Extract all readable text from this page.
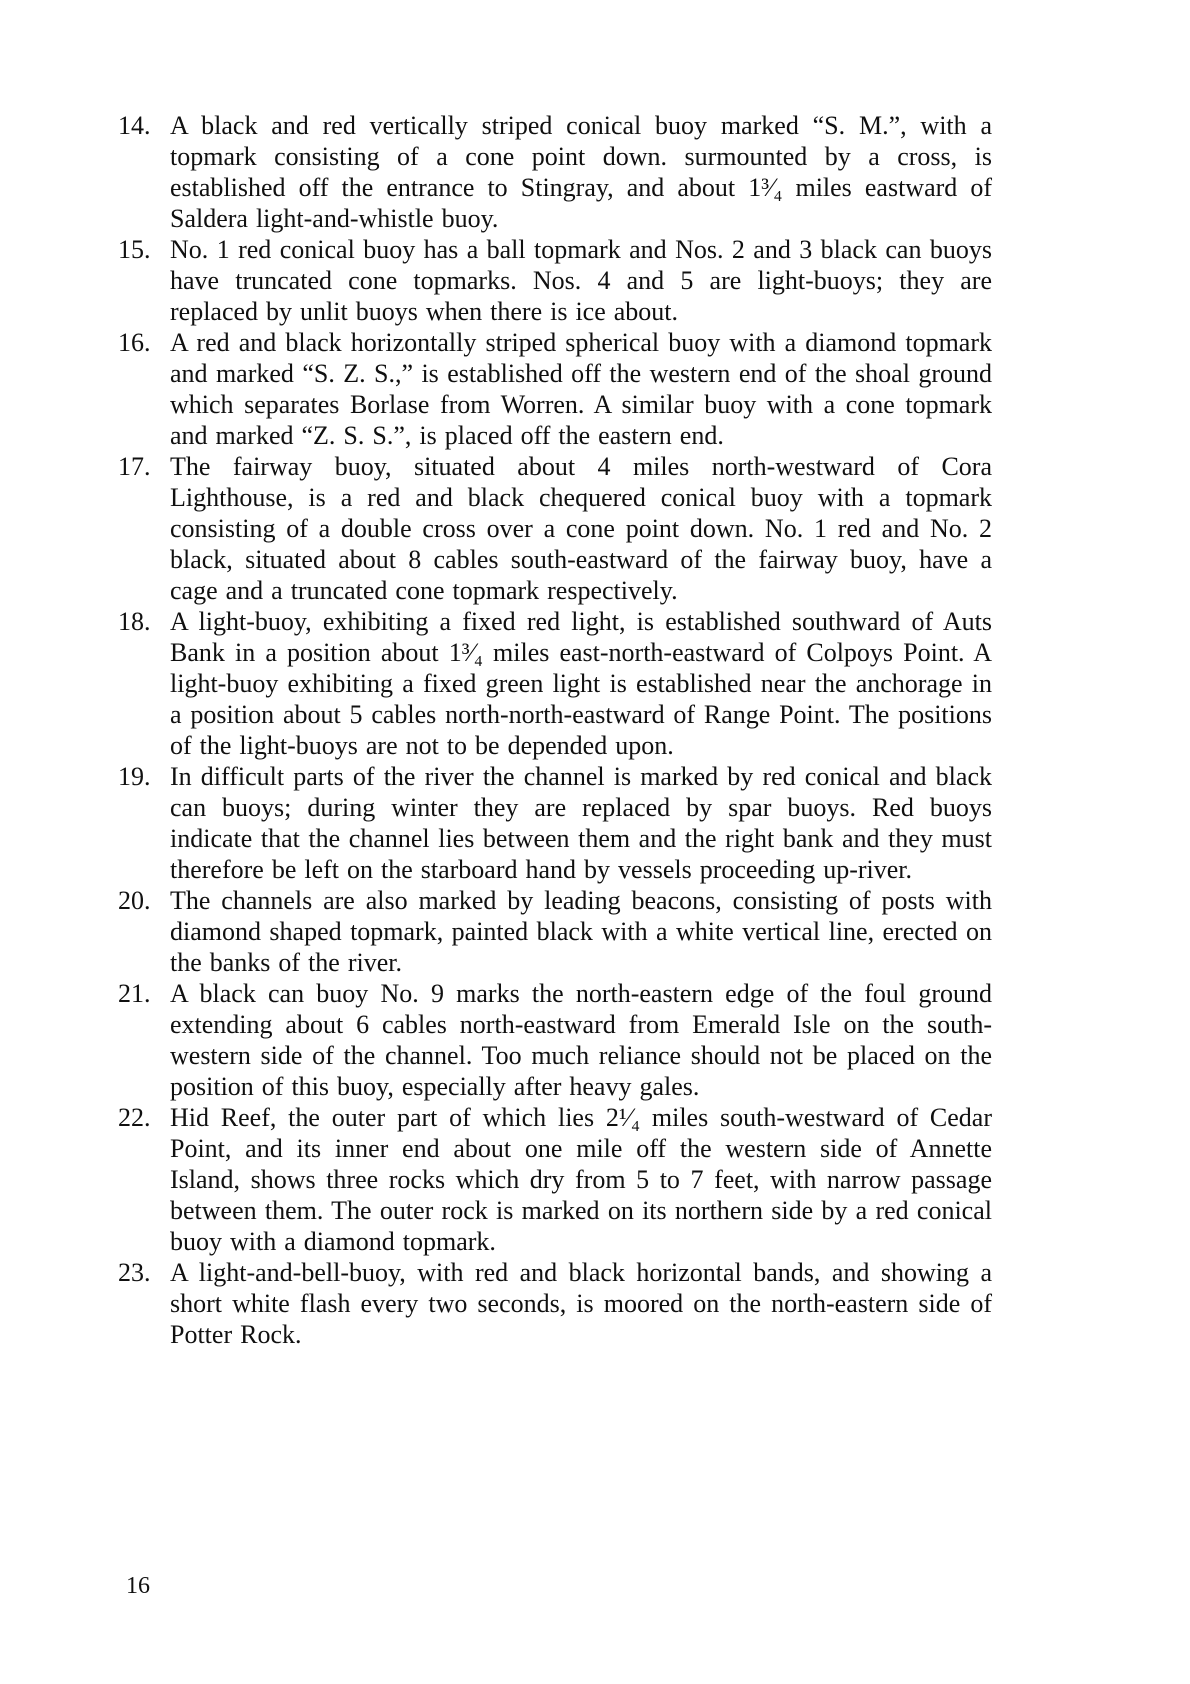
14. A black and red vertically striped conical buoy marked “S. M.”, with a topmark consisting of a cone point down. surmounted by a cross, is established off the entrance to Stingray, and about 1³⁄₄ miles eastward of Saldera light-and-whistle buoy.
15. No. 1 red conical buoy has a ball topmark and Nos. 2 and 3 black can buoys have truncated cone topmarks. Nos. 4 and 5 are light-buoys; they are replaced by unlit buoys when there is ice about.
16. A red and black horizontally striped spherical buoy with a diamond topmark and marked “S. Z. S.,” is established off the western end of the shoal ground which separates Borlase from Worren. A similar buoy with a cone topmark and marked “Z. S. S.”, is placed off the eastern end.
17. The fairway buoy, situated about 4 miles north-westward of Cora Lighthouse, is a red and black chequered conical buoy with a topmark consisting of a double cross over a cone point down. No. 1 red and No. 2 black, situated about 8 cables south-eastward of the fairway buoy, have a cage and a truncated cone topmark respectively.
18. A light-buoy, exhibiting a fixed red light, is established southward of Auts Bank in a position about 1³⁄₄ miles east-north-eastward of Colpoys Point. A light-buoy exhibiting a fixed green light is established near the anchorage in a position about 5 cables north-north-eastward of Range Point. The positions of the light-buoys are not to be depended upon.
19. In difficult parts of the river the channel is marked by red conical and black can buoys; during winter they are replaced by spar buoys. Red buoys indicate that the channel lies between them and the right bank and they must therefore be left on the starboard hand by vessels proceeding up-river.
20. The channels are also marked by leading beacons, consisting of posts with diamond shaped topmark, painted black with a white vertical line, erected on the banks of the river.
21. A black can buoy No. 9 marks the north-eastern edge of the foul ground extending about 6 cables north-eastward from Emerald Isle on the south-western side of the channel. Too much reliance should not be placed on the position of this buoy, especially after heavy gales.
22. Hid Reef, the outer part of which lies 2¹⁄₄ miles south-westward of Cedar Point, and its inner end about one mile off the western side of Annette Island, shows three rocks which dry from 5 to 7 feet, with narrow passage between them. The outer rock is marked on its northern side by a red conical buoy with a diamond topmark.
23. A light-and-bell-buoy, with red and black horizontal bands, and showing a short white flash every two seconds, is moored on the north-eastern side of Potter Rock.
16
